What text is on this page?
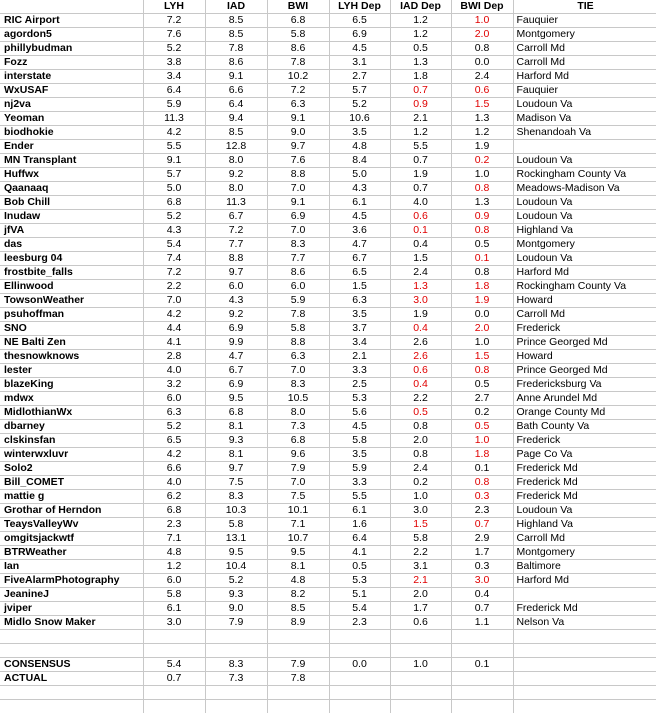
	LYH	IAD	BWI	LYH Dep	IAD Dep	BWI Dep	TIE
RIC Airport	7.2	8.5	6.8	6.5	1.2	1.0	Fauquier
agordon5	7.6	8.5	5.8	6.9	1.2	2.0	Montgomery
phillybudman	5.2	7.8	8.6	4.5	0.5	0.8	Carroll Md
Fozz	3.8	8.6	7.8	3.1	1.3	0.0	Carroll Md
interstate	3.4	9.1	10.2	2.7	1.8	2.4	Harford Md
WxUSAF	6.4	6.6	7.2	5.7	0.7	0.6	Fauquier
nj2va	5.9	6.4	6.3	5.2	0.9	1.5	Loudoun Va
Yeoman	11.3	9.4	9.1	10.6	2.1	1.3	Madison Va
biodhokie	4.2	8.5	9.0	3.5	1.2	1.2	Shenandoah Va
Ender	5.5	12.8	9.7	4.8	5.5	1.9	
MN Transplant	9.1	8.0	7.6	8.4	0.7	0.2	Loudoun Va
Huffwx	5.7	9.2	8.8	5.0	1.9	1.0	Rockingham County Va
Qaanaaq	5.0	8.0	7.0	4.3	0.7	0.8	Meadows-Madison Va
Bob Chill	6.8	11.3	9.1	6.1	4.0	1.3	Loudoun Va
Inudaw	5.2	6.7	6.9	4.5	0.6	0.9	Loudoun Va
jfVA	4.3	7.2	7.0	3.6	0.1	0.8	Highland Va
das	5.4	7.7	8.3	4.7	0.4	0.5	Montgomery
leesburg 04	7.4	8.8	7.7	6.7	1.5	0.1	Loudoun Va
frostbite_falls	7.2	9.7	8.6	6.5	2.4	0.8	Harford Md
Ellinwood	2.2	6.0	6.0	1.5	1.3	1.8	Rockingham County Va
TowsonWeather	7.0	4.3	5.9	6.3	3.0	1.9	Howard
psuhoffman	4.2	9.2	7.8	3.5	1.9	0.0	Carroll Md
SNO	4.4	6.9	5.8	3.7	0.4	2.0	Frederick
NE Balti Zen	4.1	9.9	8.8	3.4	2.6	1.0	Prince Georged Md
thesnowknows	2.8	4.7	6.3	2.1	2.6	1.5	Howard
lester	4.0	6.7	7.0	3.3	0.6	0.8	Prince Georged Md
blazeKing	3.2	6.9	8.3	2.5	0.4	0.5	Fredericksburg Va
mdwx	6.0	9.5	10.5	5.3	2.2	2.7	Anne Arundel Md
MidlothianWx	6.3	6.8	8.0	5.6	0.5	0.2	Orange County Md
dbarney	5.2	8.1	7.3	4.5	0.8	0.5	Bath County Va
clskinsfan	6.5	9.3	6.8	5.8	2.0	1.0	Frederick
winterwxluvr	4.2	8.1	9.6	3.5	0.8	1.8	Page Co Va
Solo2	6.6	9.7	7.9	5.9	2.4	0.1	Frederick Md
Bill_COMET	4.0	7.5	7.0	3.3	0.2	0.8	Frederick Md
mattie g	6.2	8.3	7.5	5.5	1.0	0.3	Frederick Md
Grothar of Herndon	6.8	10.3	10.1	6.1	3.0	2.3	Loudoun Va
TeaysValleyWv	2.3	5.8	7.1	1.6	1.5	0.7	Highland Va
omgitsjackwtf	7.1	13.1	10.7	6.4	5.8	2.9	Carroll Md
BTRWeather	4.8	9.5	9.5	4.1	2.2	1.7	Montgomery
Ian	1.2	10.4	8.1	0.5	3.1	0.3	Baltimore
FiveAlarmPhotography	6.0	5.2	4.8	5.3	2.1	3.0	Harford Md
JeanineJ	5.8	9.3	8.2	5.1	2.0	0.4	
jviper	6.1	9.0	8.5	5.4	1.7	0.7	Frederick Md
Midlo Snow Maker	3.0	7.9	8.9	2.3	0.6	1.1	Nelson Va

CONSENSUS	5.4	8.3	7.9	0.0	1.0	0.1	
ACTUAL	0.7	7.3	7.8				
